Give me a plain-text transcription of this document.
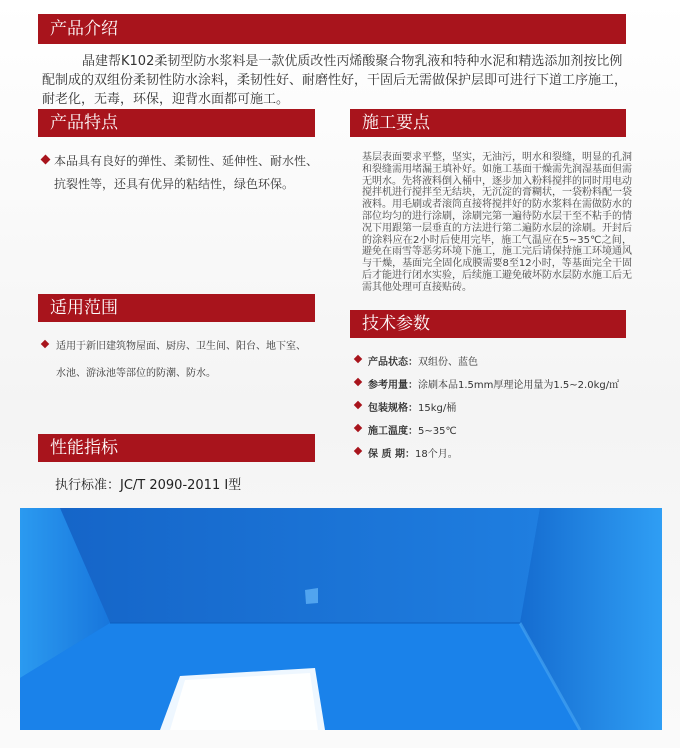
产品介绍
晶建帮K102柔韧型防水浆料是一款优质改性丙烯酸聚合物乳液和特种水泥和精选添加剂按比例配制成的双组份柔韧性防水涂料，柔韧性好、耐磨性好，干固后无需做保护层即可进行下道工序施工，耐老化，无毒，环保，迎背水面都可施工。
产品特点
本品具有良好的弹性、柔韧性、延伸性、耐水性、
抗裂性等，还具有优异的粘结性，绿色环保。
施工要点
基层表面要求平整，坚实，无油污，明水和裂缝，明显的孔洞和裂缝需用堵漏王填补好。如施工基面干燥需先润湿基面但需无明水。先将液料倒入桶中，逐步加入粉料搅拌的同时用电动搅拌机进行搅拌至无结块，无沉淀的膏糊状，一袋粉料配一袋液料。用毛刷或者滚筒直接将搅拌好的防水浆料在需做防水的部位均匀的进行涂刷，涂刷完第一遍待防水层干至不粘手的情况下用跟第一层垂直的方法进行第二遍防水层的涂刷。开封后的涂料应在2小时后使用完毕，施工气温应在5~35℃之间，避免在雨雪等恶劣环境下施工，施工完后请保持施工环境通风与干燥，基面完全固化成膜需要8至12小时，等基面完全干固后才能进行闭水实验，后续施工避免破坏防水层防水施工后无需其他处理可直接贴砖。
适用范围
适用于新旧建筑物屋面、厨房、卫生间、阳台、地下室、
水池、游泳池等部位的防潮、防水。
技术参数
产品状态：双组份、蓝色
参考用量：涂刷本品1.5mm厚理论用量为1.5~2.0kg/㎡
包装规格：15kg/桶
施工温度：5~35℃
保 质 期：18个月。
性能指标
执行标准：JC/T 2090-2011 Ⅰ型
